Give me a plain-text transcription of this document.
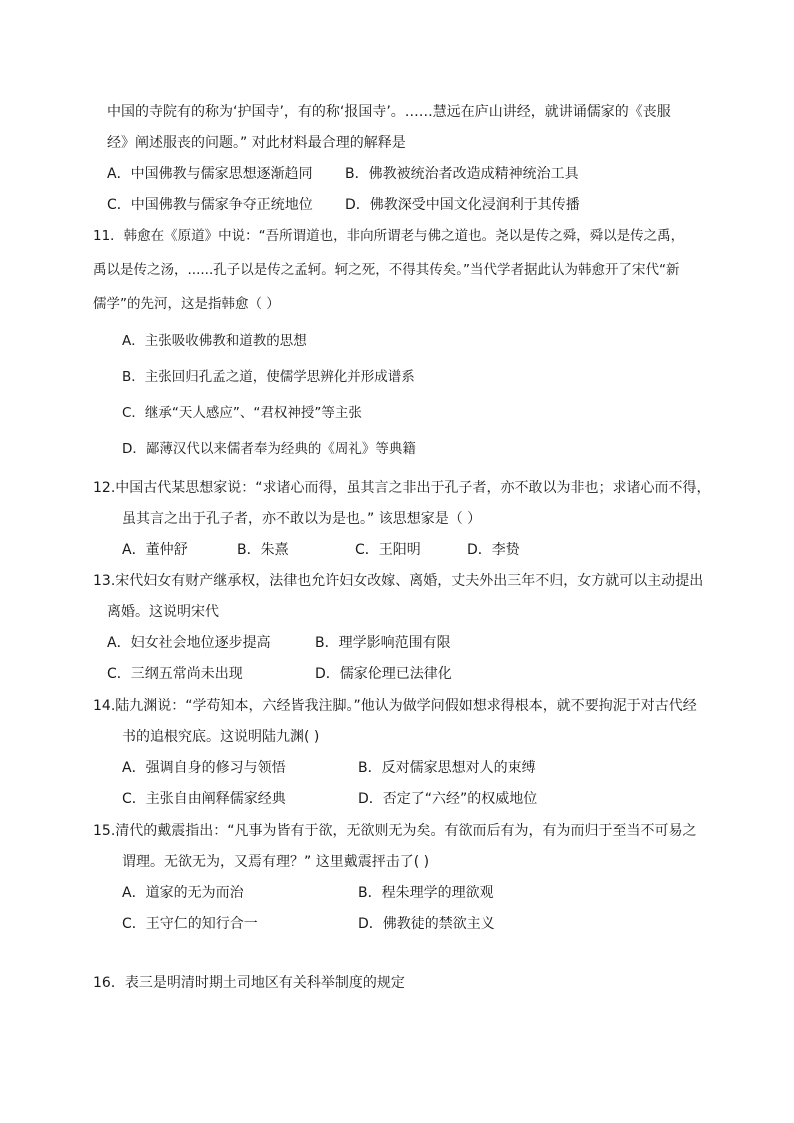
中国的寺院有的称为‘护国寺’，有的称‘报国寺’。……慧远在庐山讲经，就讲诵儒家的《丧服
经》阐述服丧的问题。” 对此材料最合理的解释是
A．中国佛教与儒家思想逐渐趋同 B．佛教被统治者改造成精神统治工具
C．中国佛教与儒家争夺正统地位 D．佛教深受中国文化浸润利于其传播
11．韩愈在《原道》中说：“吾所谓道也，非向所谓老与佛之道也。尧以是传之舜，舜以是传之禹，
禹以是传之汤，......孔子以是传之孟轲。轲之死，不得其传矣。”当代学者据此认为韩愈开了宋代“新
儒学”的先河，这是指韩愈（ ）
A．主张吸收佛教和道教的思想
B．主张回归孔孟之道，使儒学思辨化并形成谱系
C．继承“天人感应”、“君权神授”等主张
D．鄙薄汉代以来儒者奉为经典的《周礼》等典籍
12.中国古代某思想家说：“求诸心而得，虽其言之非出于孔子者，亦不敢以为非也；求诸心而不得，
虽其言之出于孔子者，亦不敢以为是也。” 该思想家是（ ）
A．董仲舒	B．朱熹	C．王阳明	D．李贽
13.宋代妇女有财产继承权，法律也允许妇女改嫁、离婚，丈夫外出三年不归，女方就可以主动提出
离婚。这说明宋代
A．妇女社会地位逐步提高	B．理学影响范围有限
C．三纲五常尚未出现	D．儒家伦理已法律化
14.陆九渊说：“学苟知本，六经皆我注脚。”他认为做学问假如想求得根本，就不要拘泥于对古代经
书的追根究底。这说明陆九渊( )
A．强调自身的修习与领悟	B．反对儒家思想对人的束缚
C．主张自由阐释儒家经典	D．否定了“六经”的权威地位
15.清代的戴震指出：“凡事为皆有于欲，无欲则无为矣。有欲而后有为，有为而归于至当不可易之
谓理。无欲无为，又焉有理？” 这里戴震抨击了( )
A．道家的无为而治	B．程朱理学的理欲观
C．王守仁的知行合一	D．佛教徒的禁欲主义
16．表三是明清时期土司地区有关科举制度的规定
